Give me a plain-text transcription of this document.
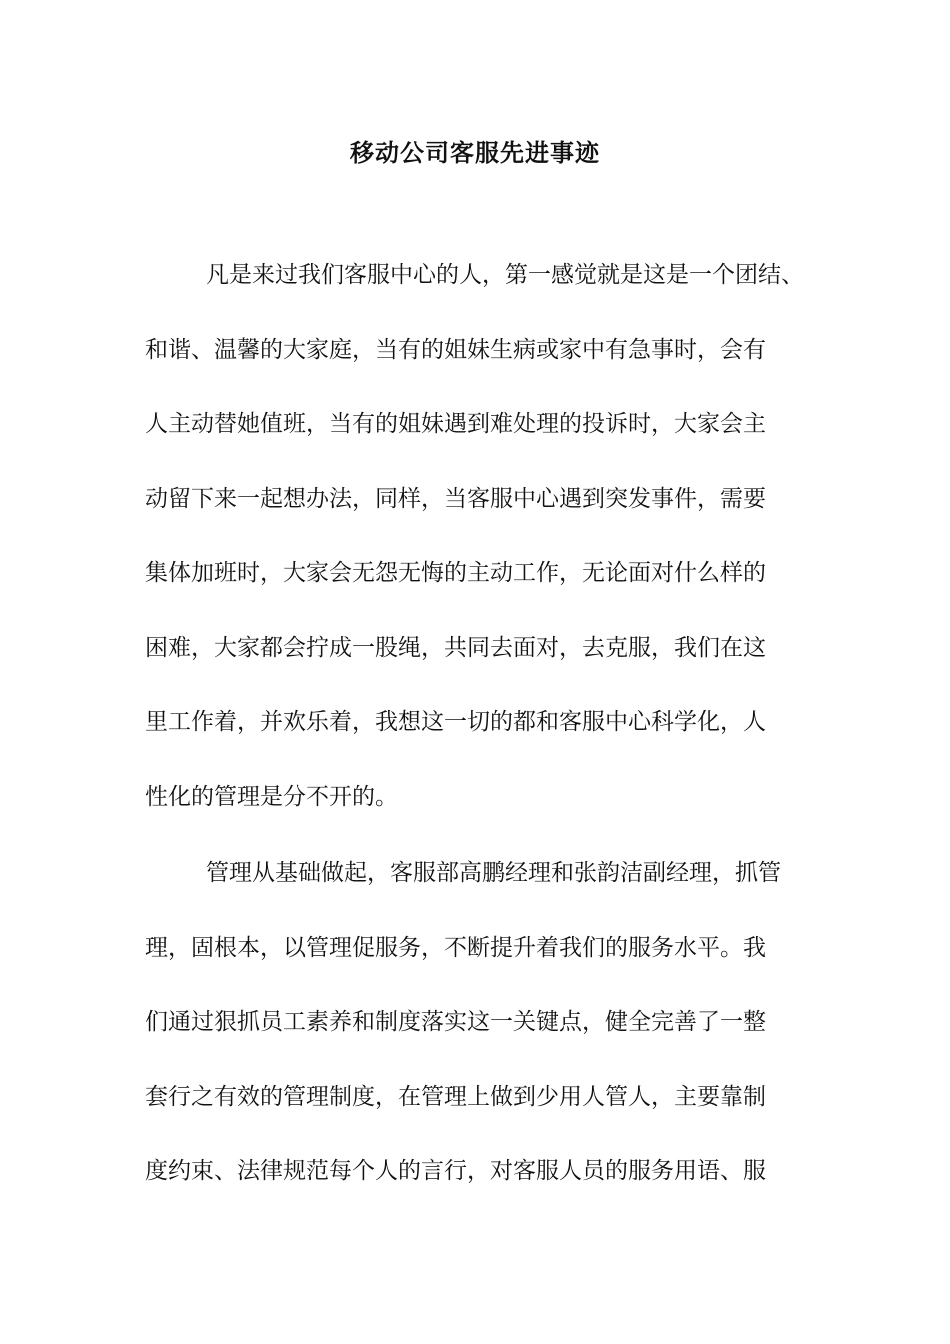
移动公司客服先进事迹

凡是来过我们客服中心的人，第一感觉就是这是一个团结、
和谐、温馨的大家庭，当有的姐妹生病或家中有急事时，会有
人主动替她值班，当有的姐妹遇到难处理的投诉时，大家会主
动留下来一起想办法，同样，当客服中心遇到突发事件，需要
集体加班时，大家会无怨无悔的主动工作，无论面对什么样的
困难，大家都会拧成一股绳，共同去面对，去克服，我们在这
里工作着，并欢乐着，我想这一切的都和客服中心科学化，人
性化的管理是分不开的。

管理从基础做起，客服部高鹏经理和张韵洁副经理，抓管
理，固根本，以管理促服务，不断提升着我们的服务水平。我
们通过狠抓员工素养和制度落实这一关键点，健全完善了一整
套行之有效的管理制度，在管理上做到少用人管人，主要靠制
度约束、法律规范每个人的言行，对客服人员的服务用语、服
